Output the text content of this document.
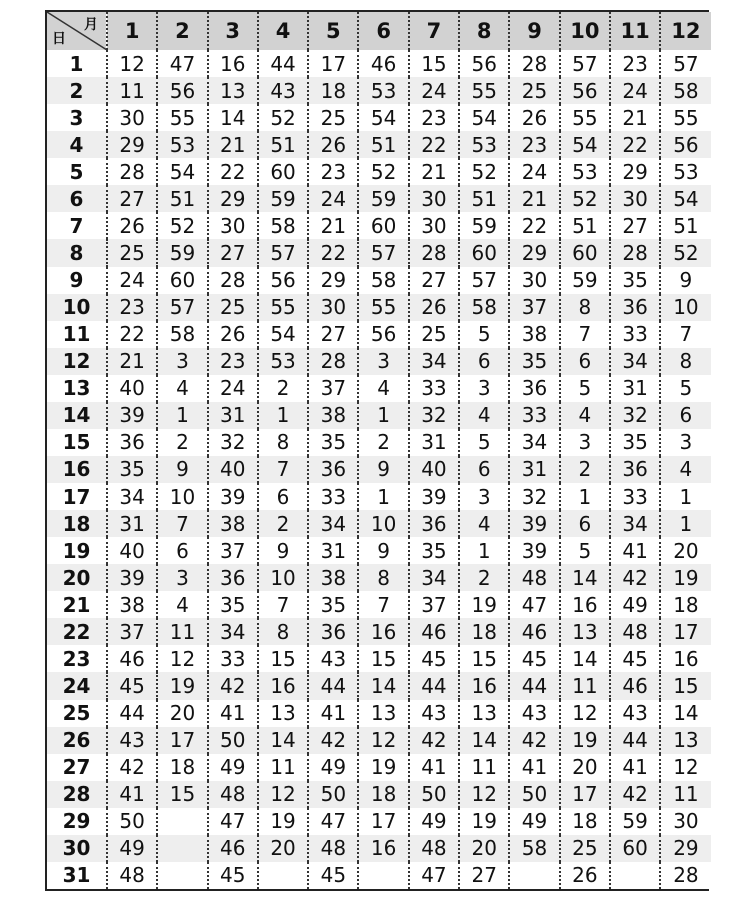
月
日	1	2	3	4	5	6	7	8	9	10	11	12
1	12	47	16	44	17	46	15	56	28	57	23	57
2	11	56	13	43	18	53	24	55	25	56	24	58
3	30	55	14	52	25	54	23	54	26	55	21	55
4	29	53	21	51	26	51	22	53	23	54	22	56
5	28	54	22	60	23	52	21	52	24	53	29	53
6	27	51	29	59	24	59	30	51	21	52	30	54
7	26	52	30	58	21	60	30	59	22	51	27	51
8	25	59	27	57	22	57	28	60	29	60	28	52
9	24	60	28	56	29	58	27	57	30	59	35	9
10	23	57	25	55	30	55	26	58	37	8	36	10
11	22	58	26	54	27	56	25	5	38	7	33	7
12	21	3	23	53	28	3	34	6	35	6	34	8
13	40	4	24	2	37	4	33	3	36	5	31	5
14	39	1	31	1	38	1	32	4	33	4	32	6
15	36	2	32	8	35	2	31	5	34	3	35	3
16	35	9	40	7	36	9	40	6	31	2	36	4
17	34	10	39	6	33	1	39	3	32	1	33	1
18	31	7	38	2	34	10	36	4	39	6	34	1
19	40	6	37	9	31	9	35	1	39	5	41	20
20	39	3	36	10	38	8	34	2	48	14	42	19
21	38	4	35	7	35	7	37	19	47	16	49	18
22	37	11	34	8	36	16	46	18	46	13	48	17
23	46	12	33	15	43	15	45	15	45	14	45	16
24	45	19	42	16	44	14	44	16	44	11	46	15
25	44	20	41	13	41	13	43	13	43	12	43	14
26	43	17	50	14	42	12	42	14	42	19	44	13
27	42	18	49	11	49	19	41	11	41	20	41	12
28	41	15	48	12	50	18	50	12	50	17	42	11
29	50		47	19	47	17	49	19	49	18	59	30
30	49		46	20	48	16	48	20	58	25	60	29
31	48		45		45		47	27		26		28
